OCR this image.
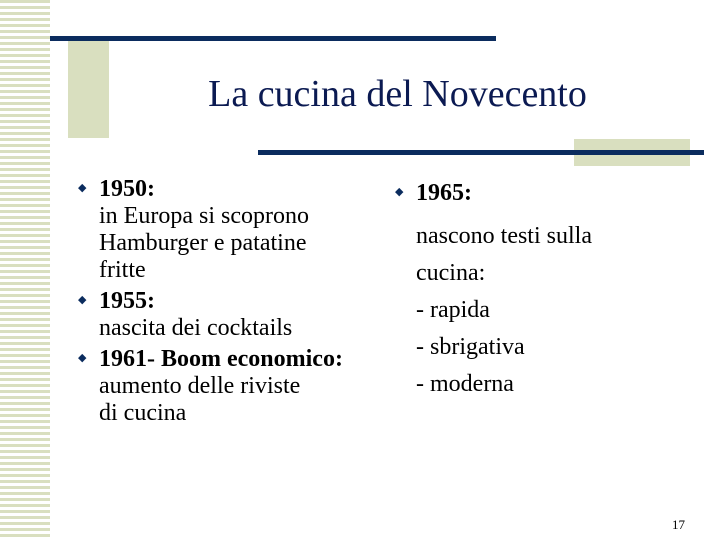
La cucina del Novecento
◆ 1950:
in Europa si scoprono
Hamburger e patatine
fritte
◆ 1955:
nascita dei cocktails
◆ 1961- Boom economico:
aumento delle riviste
di cucina
◆ 1965:
nascono testi sulla
cucina:
- rapida
- sbrigativa
- moderna
17
